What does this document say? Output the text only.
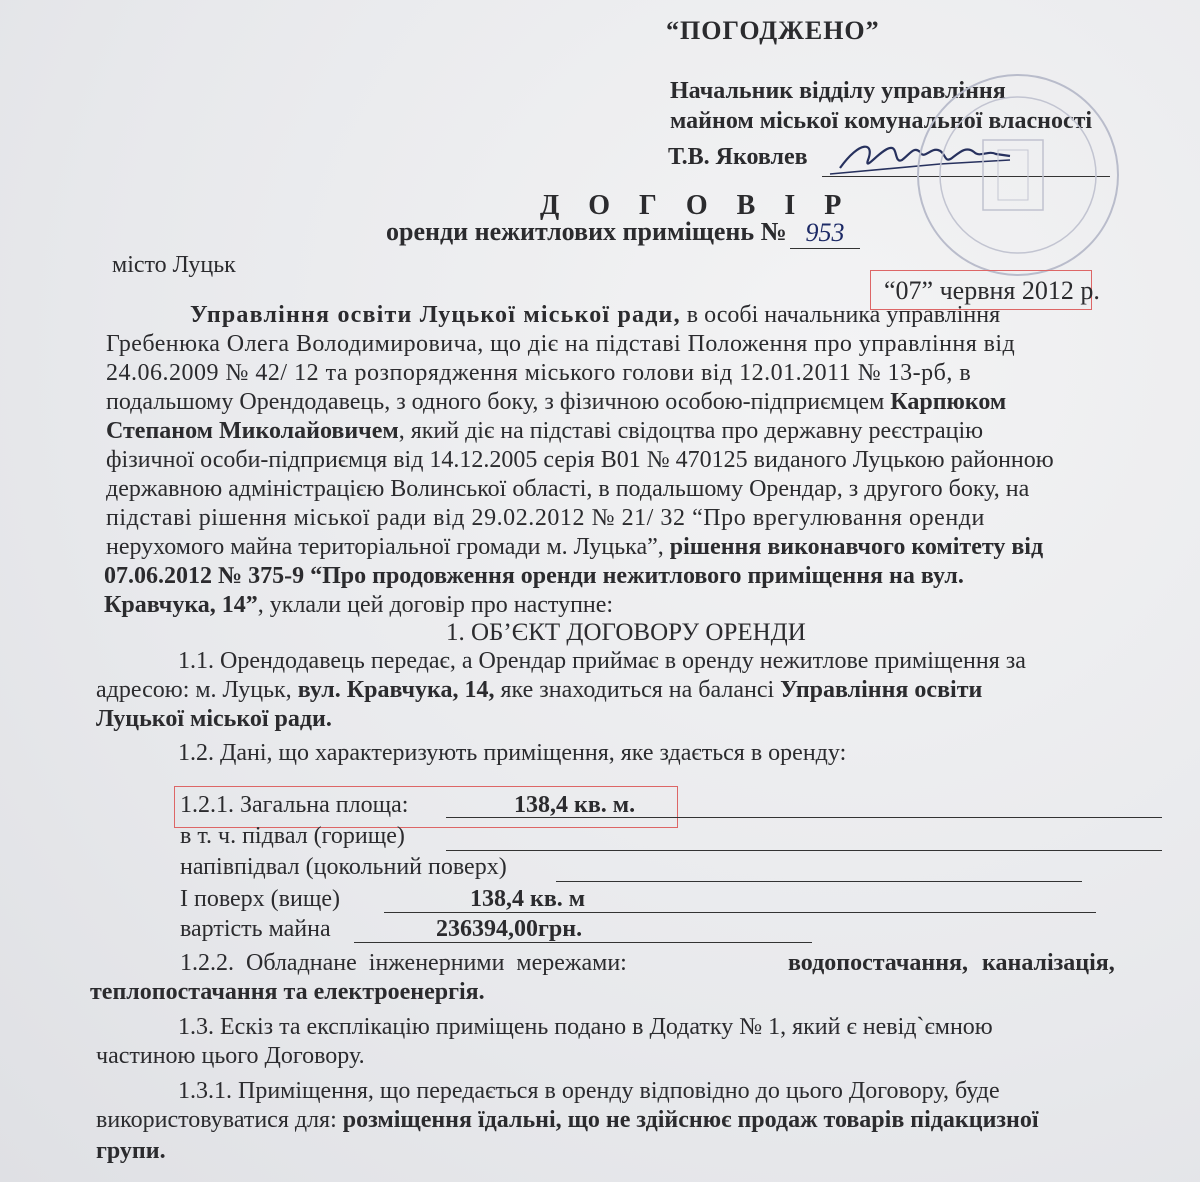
“ПОГОДЖЕНО”
Начальник відділу управління
майном міської комунальної власності
Т.В. Яковлев
Д О Г О В І Р
оренди нежитлових приміщень № 953
місто Луцьк
“07” червня 2012 р.
Управління освіти Луцької міської ради, в особі начальника управління
Гребенюка Олега Володимировича, що діє на підставі Положення про управління від
24.06.2009 № 42/ 12 та розпорядження міського голови від 12.01.2011 № 13-рб, в
подальшому Орендодавець, з одного боку, з фізичною особою-підприємцем Карпюком
Степаном Миколайовичем, який діє на підставі свідоцтва про державну реєстрацію
фізичної особи-підприємця від 14.12.2005 серія В01 № 470125 виданого Луцькою районною
державною адміністрацією Волинської області, в подальшому Орендар, з другого боку, на
підставі рішення міської ради від 29.02.2012 № 21/ 32 “Про врегулювання оренди
нерухомого майна територіальної громади м. Луцька”, рішення виконавчого комітету від
07.06.2012 № 375-9 “Про продовження оренди нежитлового приміщення на вул.
Кравчука, 14”, уклали цей договір про наступне:
1. ОБ’ЄКТ ДОГОВОРУ ОРЕНДИ
1.1. Орендодавець передає, а Орендар приймає в оренду нежитлове приміщення за
адресою: м. Луцьк, вул. Кравчука, 14, яке знаходиться на балансі Управління освіти
Луцької міської ради.
1.2. Дані, що характеризують приміщення, яке здається в оренду:
1.2.1. Загальна площа:	138,4 кв. м.
в т. ч. підвал (горище)
напівпідвал (цокольний поверх)
І поверх (вище)	138,4 кв. м
вартість майна	236394,00грн.
1.2.2. Обладнане інженерними мережами:	водопостачання, каналізація,
теплопостачання та електроенергія.
1.3. Ескіз та експлікацію приміщень подано в Додатку № 1, який є невід`ємною
частиною цього Договору.
1.3.1. Приміщення, що передається в оренду відповідно до цього Договору, буде
використовуватися для: розміщення їдальні, що не здійснює продаж товарів підакцизної
групи.
